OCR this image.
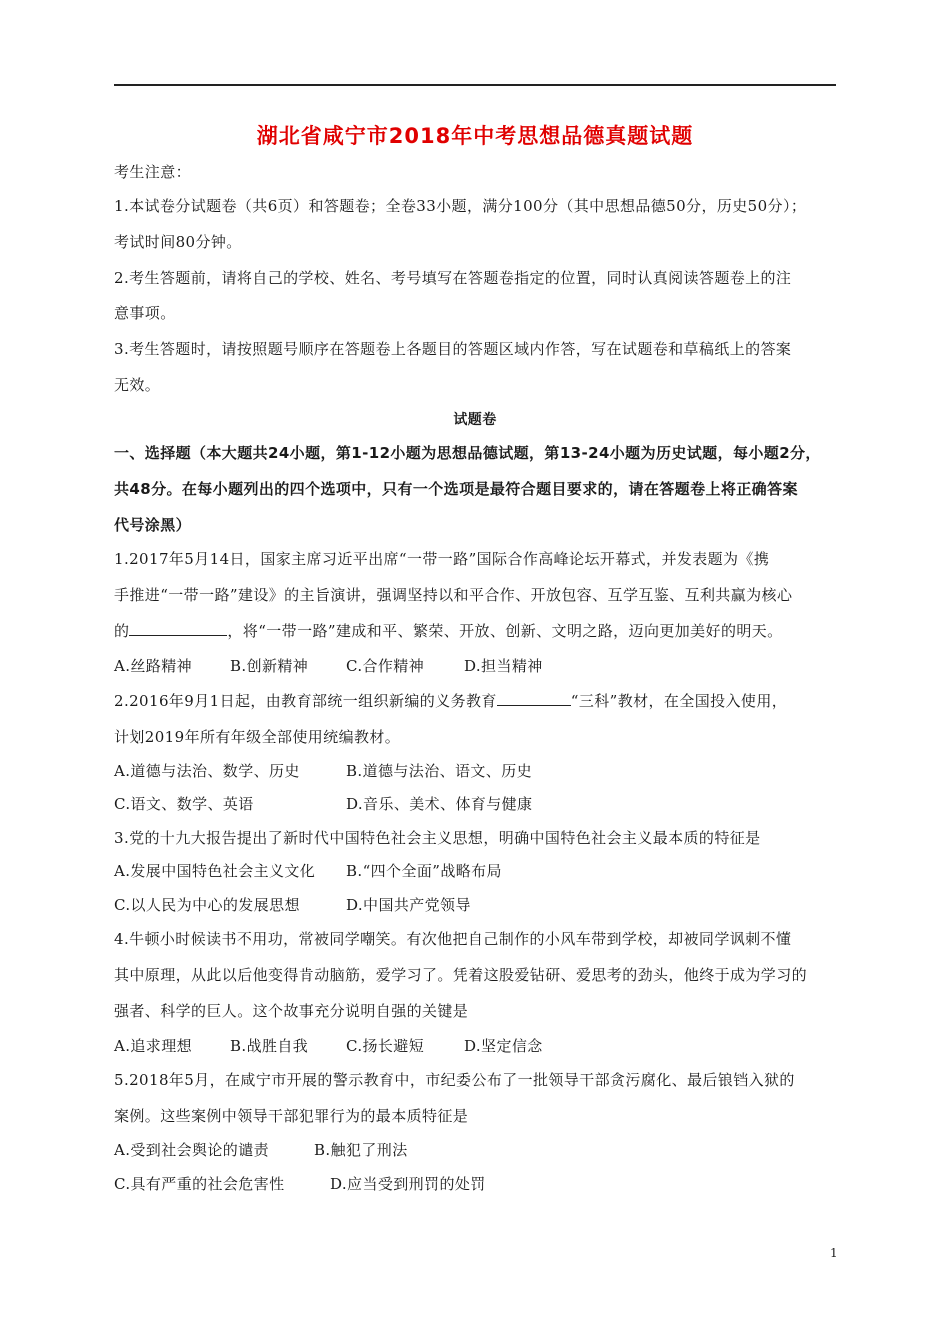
湖北省咸宁市2018年中考思想品德真题试题
考生注意：
1.本试卷分试题卷（共6页）和答题卷；全卷33小题，满分100分（其中思想品德50分，历史50分）；
考试时间80分钟。
2.考生答题前，请将自己的学校、姓名、考号填写在答题卷指定的位置，同时认真阅读答题卷上的注
意事项。
3.考生答题时，请按照题号顺序在答题卷上各题目的答题区域内作答，写在试题卷和草稿纸上的答案
无效。
试题卷
一、选择题（本大题共24小题，第1-12小题为思想品德试题，第13-24小题为历史试题，每小题2分，
共48分。在每小题列出的四个选项中，只有一个选项是最符合题目要求的，请在答题卷上将正确答案
代号涂黑）
1.2017年5月14日，国家主席习近平出席“一带一路”国际合作高峰论坛开幕式，并发表题为《携
手推进“一带一路”建设》的主旨演讲，强调坚持以和平合作、开放包容、互学互鉴、互利共赢为核心
的	，将“一带一路”建成和平、繁荣、开放、创新、文明之路，迈向更加美好的明天。
A.丝路精神	B.创新精神	C.合作精神	D.担当精神
2.2016年9月1日起，由教育部统一组织新编的义务教育	“三科”教材，在全国投入使用，
计划2019年所有年级全部使用统编教材。
A.道德与法治、数学、历史	B.道德与法治、语文、历史
C.语文、数学、英语	D.音乐、美术、体育与健康
3.党的十九大报告提出了新时代中国特色社会主义思想，明确中国特色社会主义最本质的特征是
A.发展中国特色社会主义文化 B.“四个全面”战略布局
C.以人民为中心的发展思想	D.中国共产党领导
4.牛顿小时候读书不用功，常被同学嘲笑。有次他把自己制作的小风车带到学校，却被同学讽刺不懂
其中原理，从此以后他变得肯动脑筋，爱学习了。凭着这股爱钻研、爱思考的劲头，他终于成为学习的
强者、科学的巨人。这个故事充分说明自强的关键是
A.追求理想	B.战胜自我	C.扬长避短	D.坚定信念
5.2018年5月，在咸宁市开展的警示教育中，市纪委公布了一批领导干部贪污腐化、最后锒铛入狱的
案例。这些案例中领导干部犯罪行为的最本质特征是
A.受到社会舆论的谴责	B.触犯了刑法
C.具有严重的社会危害性	D.应当受到刑罚的处罚
1
